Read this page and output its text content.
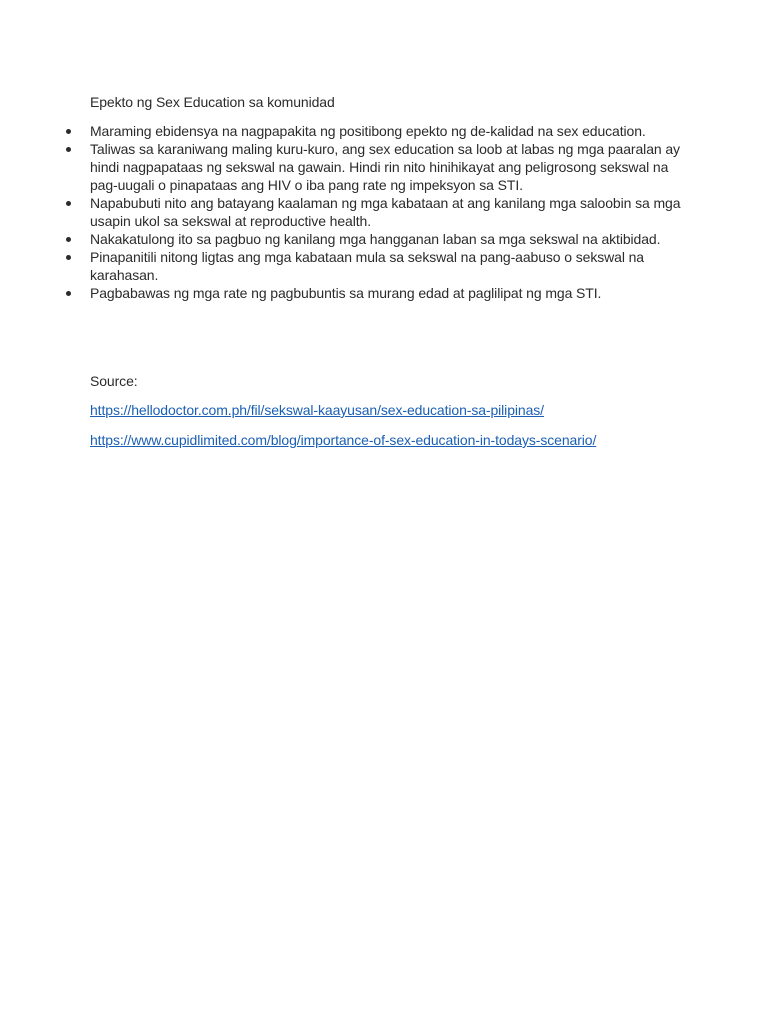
Epekto ng Sex Education sa komunidad

Maraming ebidensya na nagpapakita ng positibong epekto ng de-kalidad na sex education.
Taliwas sa karaniwang maling kuru-kuro, ang sex education sa loob at labas ng mga paaralan ay hindi nagpapataas ng sekswal na gawain. Hindi rin nito hinihikayat ang peligrosong sekswal na pag-uugali o pinapataas ang HIV o iba pang rate ng impeksyon sa STI.
Napabubuti nito ang batayang kaalaman ng mga kabataan at ang kanilang mga saloobin sa mga usapin ukol sa sekswal at reproductive health.
Nakakatulong ito sa pagbuo ng kanilang mga hangganan laban sa mga sekswal na aktibidad.
Pinapanitili nitong ligtas ang mga kabataan mula sa sekswal na pang-aabuso o sekswal na karahasan.
Pagbabawas ng mga rate ng pagbubuntis sa murang edad at paglilipat ng mga STI.
Source:
https://hellodoctor.com.ph/fil/sekswal-kaayusan/sex-education-sa-pilipinas/
https://www.cupidlimited.com/blog/importance-of-sex-education-in-todays-scenario/
